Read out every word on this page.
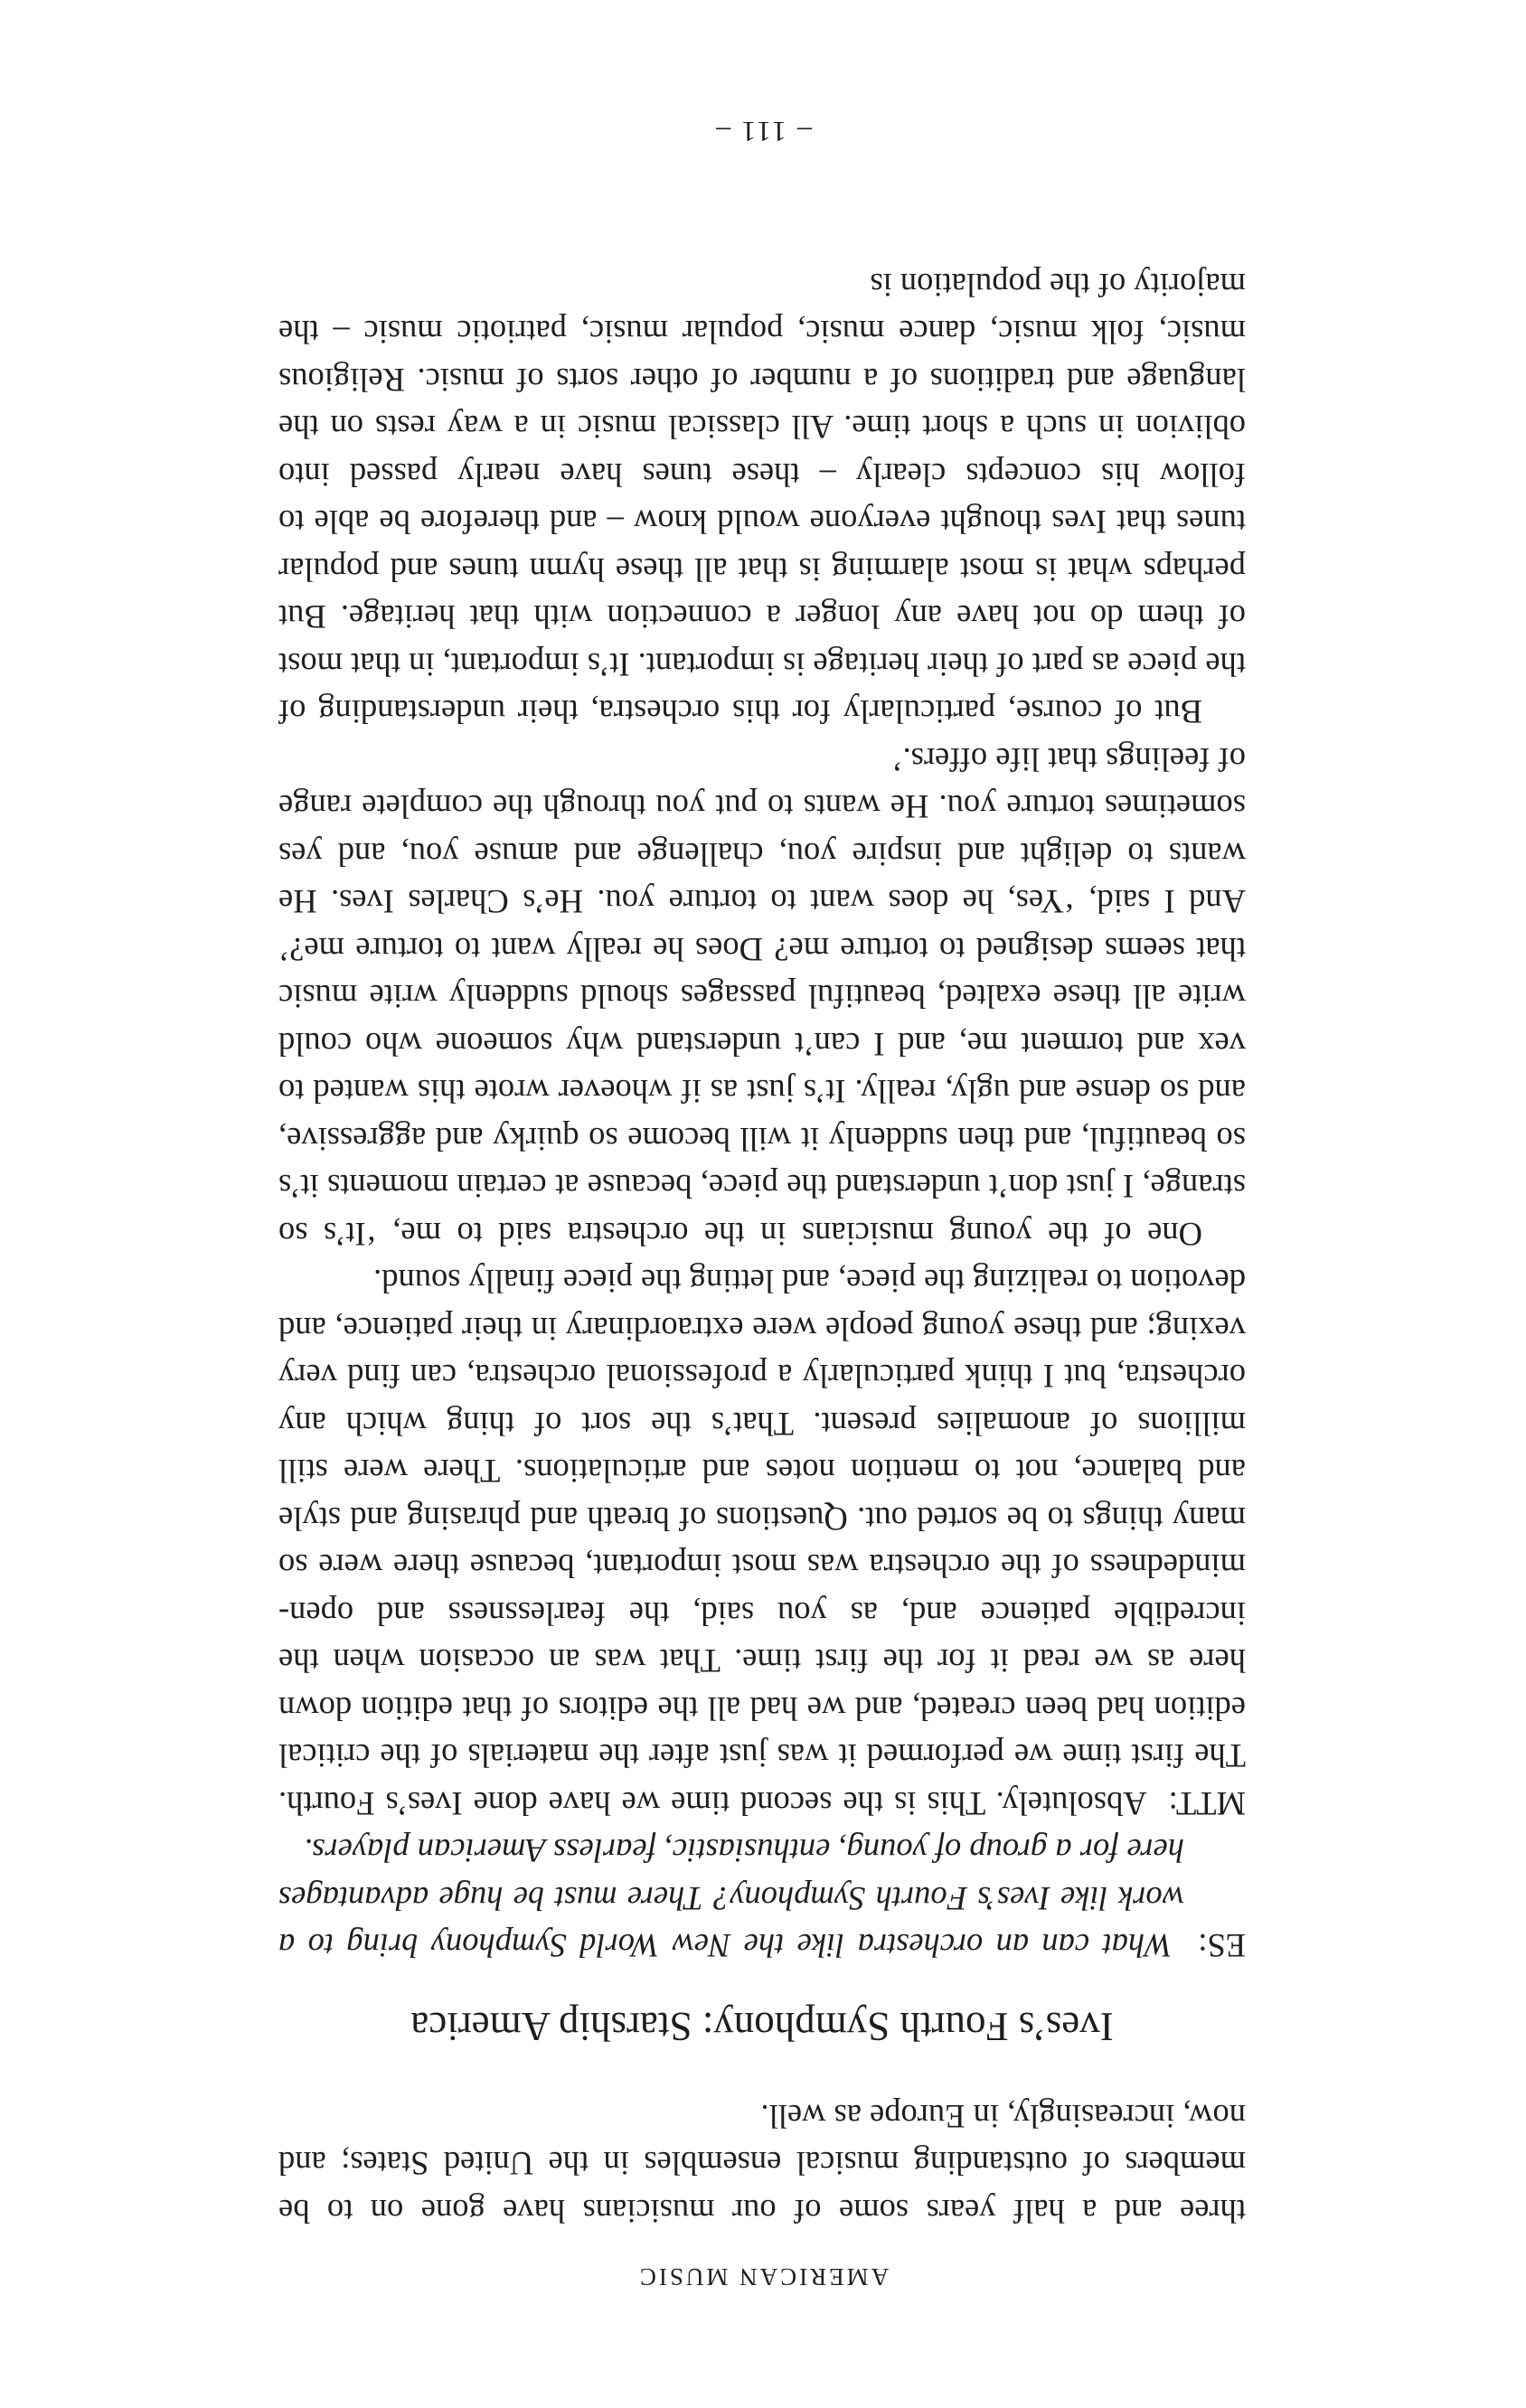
AMERICAN MUSIC

three and a half years some of our musicians have gone on to be members of outstanding musical ensembles in the United States; and now, increasingly, in Europe as well.

Ives’s Fourth Symphony: Starship America

ES:  What can an orchestra like the New World Symphony bring to a work like Ives’s Fourth Symphony? There must be huge advantages here for a group of young, enthusiastic, fearless American players.

MTT:  Absolutely. This is the second time we have done Ives’s Fourth. The first time we performed it was just after the materials of the critical edition had been created, and we had all the editors of that edition down here as we read it for the first time. That was an occasion when the incredible patience and, as you said, the fearlessness and open-mindedness of the orchestra was most important, because there were so many things to be sorted out. Questions of breath and phrasing and style and balance, not to mention notes and articulations. There were still millions of anomalies present. That’s the sort of thing which any orchestra, but I think particularly a professional orchestra, can find very vexing; and these young people were extraordinary in their patience, and devotion to realizing the piece, and letting the piece finally sound.

One of the young musicians in the orchestra said to me, ‘It’s so strange, I just don’t understand the piece, because at certain moments it’s so beautiful, and then suddenly it will become so quirky and aggressive, and so dense and ugly, really. It’s just as if whoever wrote this wanted to vex and torment me, and I can’t understand why someone who could write all these exalted, beautiful passages should suddenly write music that seems designed to torture me? Does he really want to torture me?’ And I said, ‘Yes, he does want to torture you. He’s Charles Ives. He wants to delight and inspire you, challenge and amuse you, and yes sometimes torture you. He wants to put you through the complete range of feelings that life offers.’

But of course, particularly for this orchestra, their understanding of the piece as part of their heritage is important. It’s important, in that most of them do not have any longer a connection with that heritage. But perhaps what is most alarming is that all these hymn tunes and popular tunes that Ives thought everyone would know – and therefore be able to follow his concepts clearly – these tunes have nearly passed into oblivion in such a short time. All classical music in a way rests on the language and traditions of a number of other sorts of music. Religious music, folk music, dance music, popular music, patriotic music – the majority of the population is

– 111 –
